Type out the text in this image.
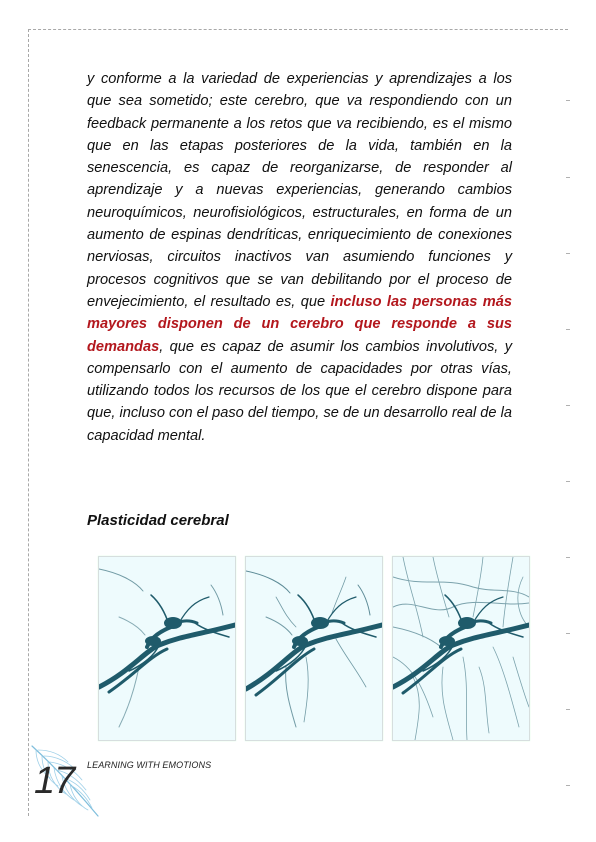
y conforme a la variedad de experiencias y aprendizajes a los que sea sometido; este cerebro, que va respondiendo con un feedback permanente a los retos que va recibiendo, es el mismo que en las etapas posteriores de la vida, también en la senescencia, es capaz de reorganizarse, de responder al aprendizaje y a nuevas experiencias, generando cambios neuroquímicos, neurofisiológicos, estructurales, en forma de un aumento de espinas dendríticas, enriquecimiento de conexiones nerviosas, circuitos inactivos van asumiendo funciones y procesos cognitivos que se van debilitando por el proceso de envejecimiento, el resultado es, que incluso las personas más mayores disponen de un cerebro que responde a sus demandas, que es capaz de asumir los cambios involutivos, y compensarlo con el aumento de capacidades por otras vías, utilizando todos los recursos de los que el cerebro dispone para que, incluso con el paso del tiempo, se de un desarrollo real de la capacidad mental.

Plasticidad cerebral

17 LEARNING WITH EMOTIONS
